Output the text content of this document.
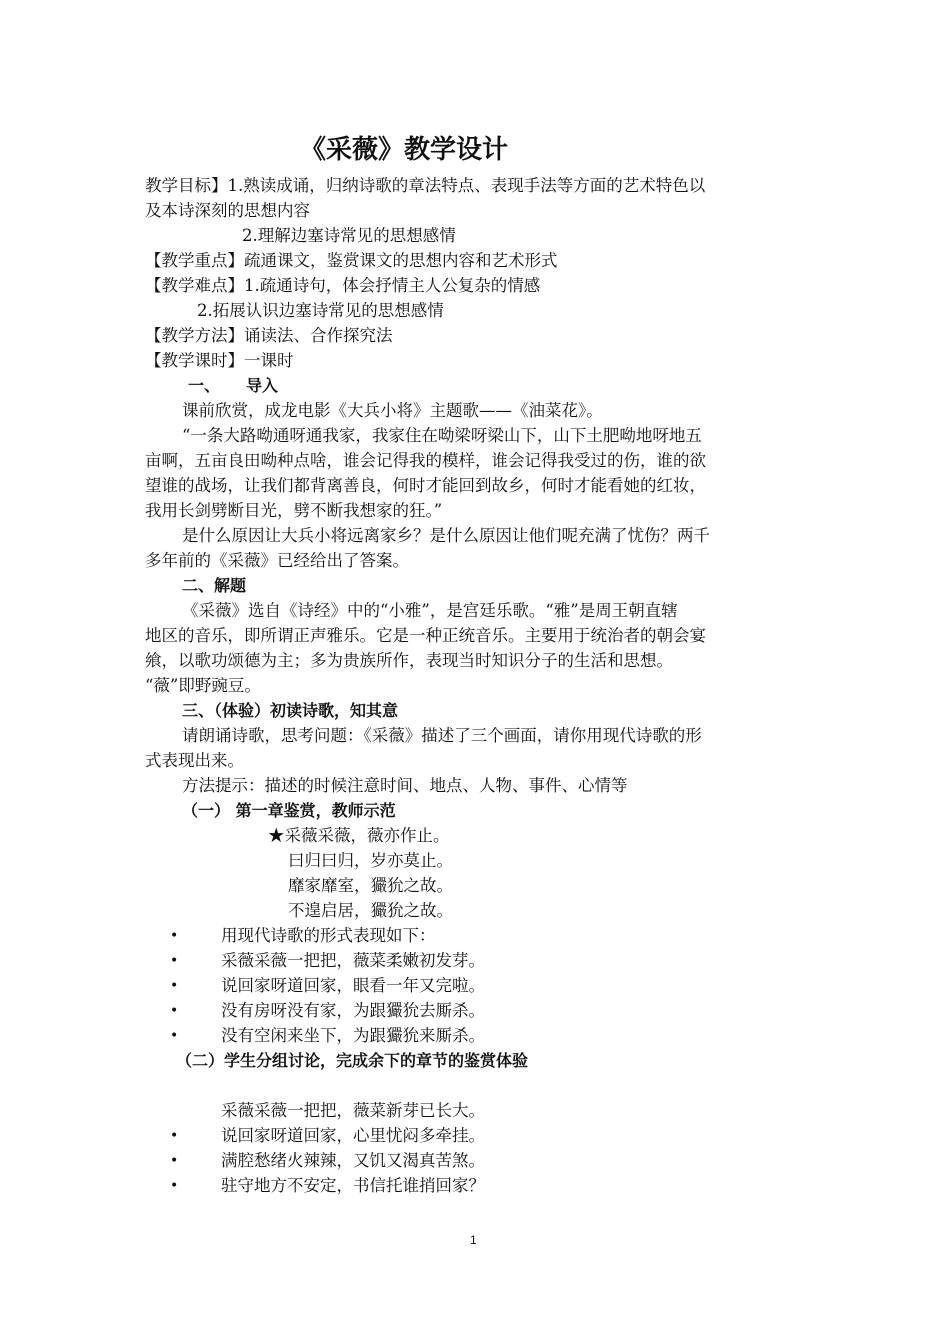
《采薇》教学设计
教学目标】1.熟读成诵，归纳诗歌的章法特点、表现手法等方面的艺术特色以
及本诗深刻的思想内容
2.理解边塞诗常见的思想感情
【教学重点】疏通课文，鉴赏课文的思想内容和艺术形式
【教学难点】1.疏通诗句，体会抒情主人公复杂的情感
2.拓展认识边塞诗常见的思想感情
【教学方法】诵读法、合作探究法
【教学课时】一课时
一、 导入
课前欣赏，成龙电影《大兵小将》主题歌——《油菜花》。
“一条大路呦通呀通我家，我家住在呦梁呀梁山下，山下土肥呦地呀地五
亩啊，五亩良田呦种点啥，谁会记得我的模样，谁会记得我受过的伤，谁的欲
望谁的战场，让我们都背离善良，何时才能回到故乡，何时才能看她的红妆，
我用长剑劈断目光，劈不断我想家的狂。”
是什么原因让大兵小将远离家乡？是什么原因让他们呢充满了忧伤？两千
多年前的《采薇》已经给出了答案。
二、解题
《采薇》选自《诗经》中的“小雅”，是宫廷乐歌。“雅”是周王朝直辖
地区的音乐，即所谓正声雅乐。它是一种正统音乐。主要用于统治者的朝会宴
飨，以歌功颂德为主；多为贵族所作，表现当时知识分子的生活和思想。
“薇”即野豌豆。
三、（体验）初读诗歌，知其意
请朗诵诗歌，思考问题：《采薇》描述了三个画面，请你用现代诗歌的形
式表现出来。
方法提示：描述的时候注意时间、地点、人物、事件、心情等
（一） 第一章鉴赏，教师示范
★采薇采薇，薇亦作止。
曰归曰归，岁亦莫止。
靡家靡室，玁狁之故。
不遑启居，玁狁之故。
•	用现代诗歌的形式表现如下：
•	采薇采薇一把把，薇菜柔嫩初发芽。
•	说回家呀道回家，眼看一年又完啦。
•	没有房呀没有家，为跟玁狁去厮杀。
•	没有空闲来坐下，为跟玁狁来厮杀。
（二）学生分组讨论，完成余下的章节的鉴赏体验
采薇采薇一把把，薇菜新芽已长大。
•	说回家呀道回家，心里忧闷多牵挂。
•	满腔愁绪火辣辣，又饥又渴真苦煞。
•	驻守地方不安定，书信托谁捎回家？
1
